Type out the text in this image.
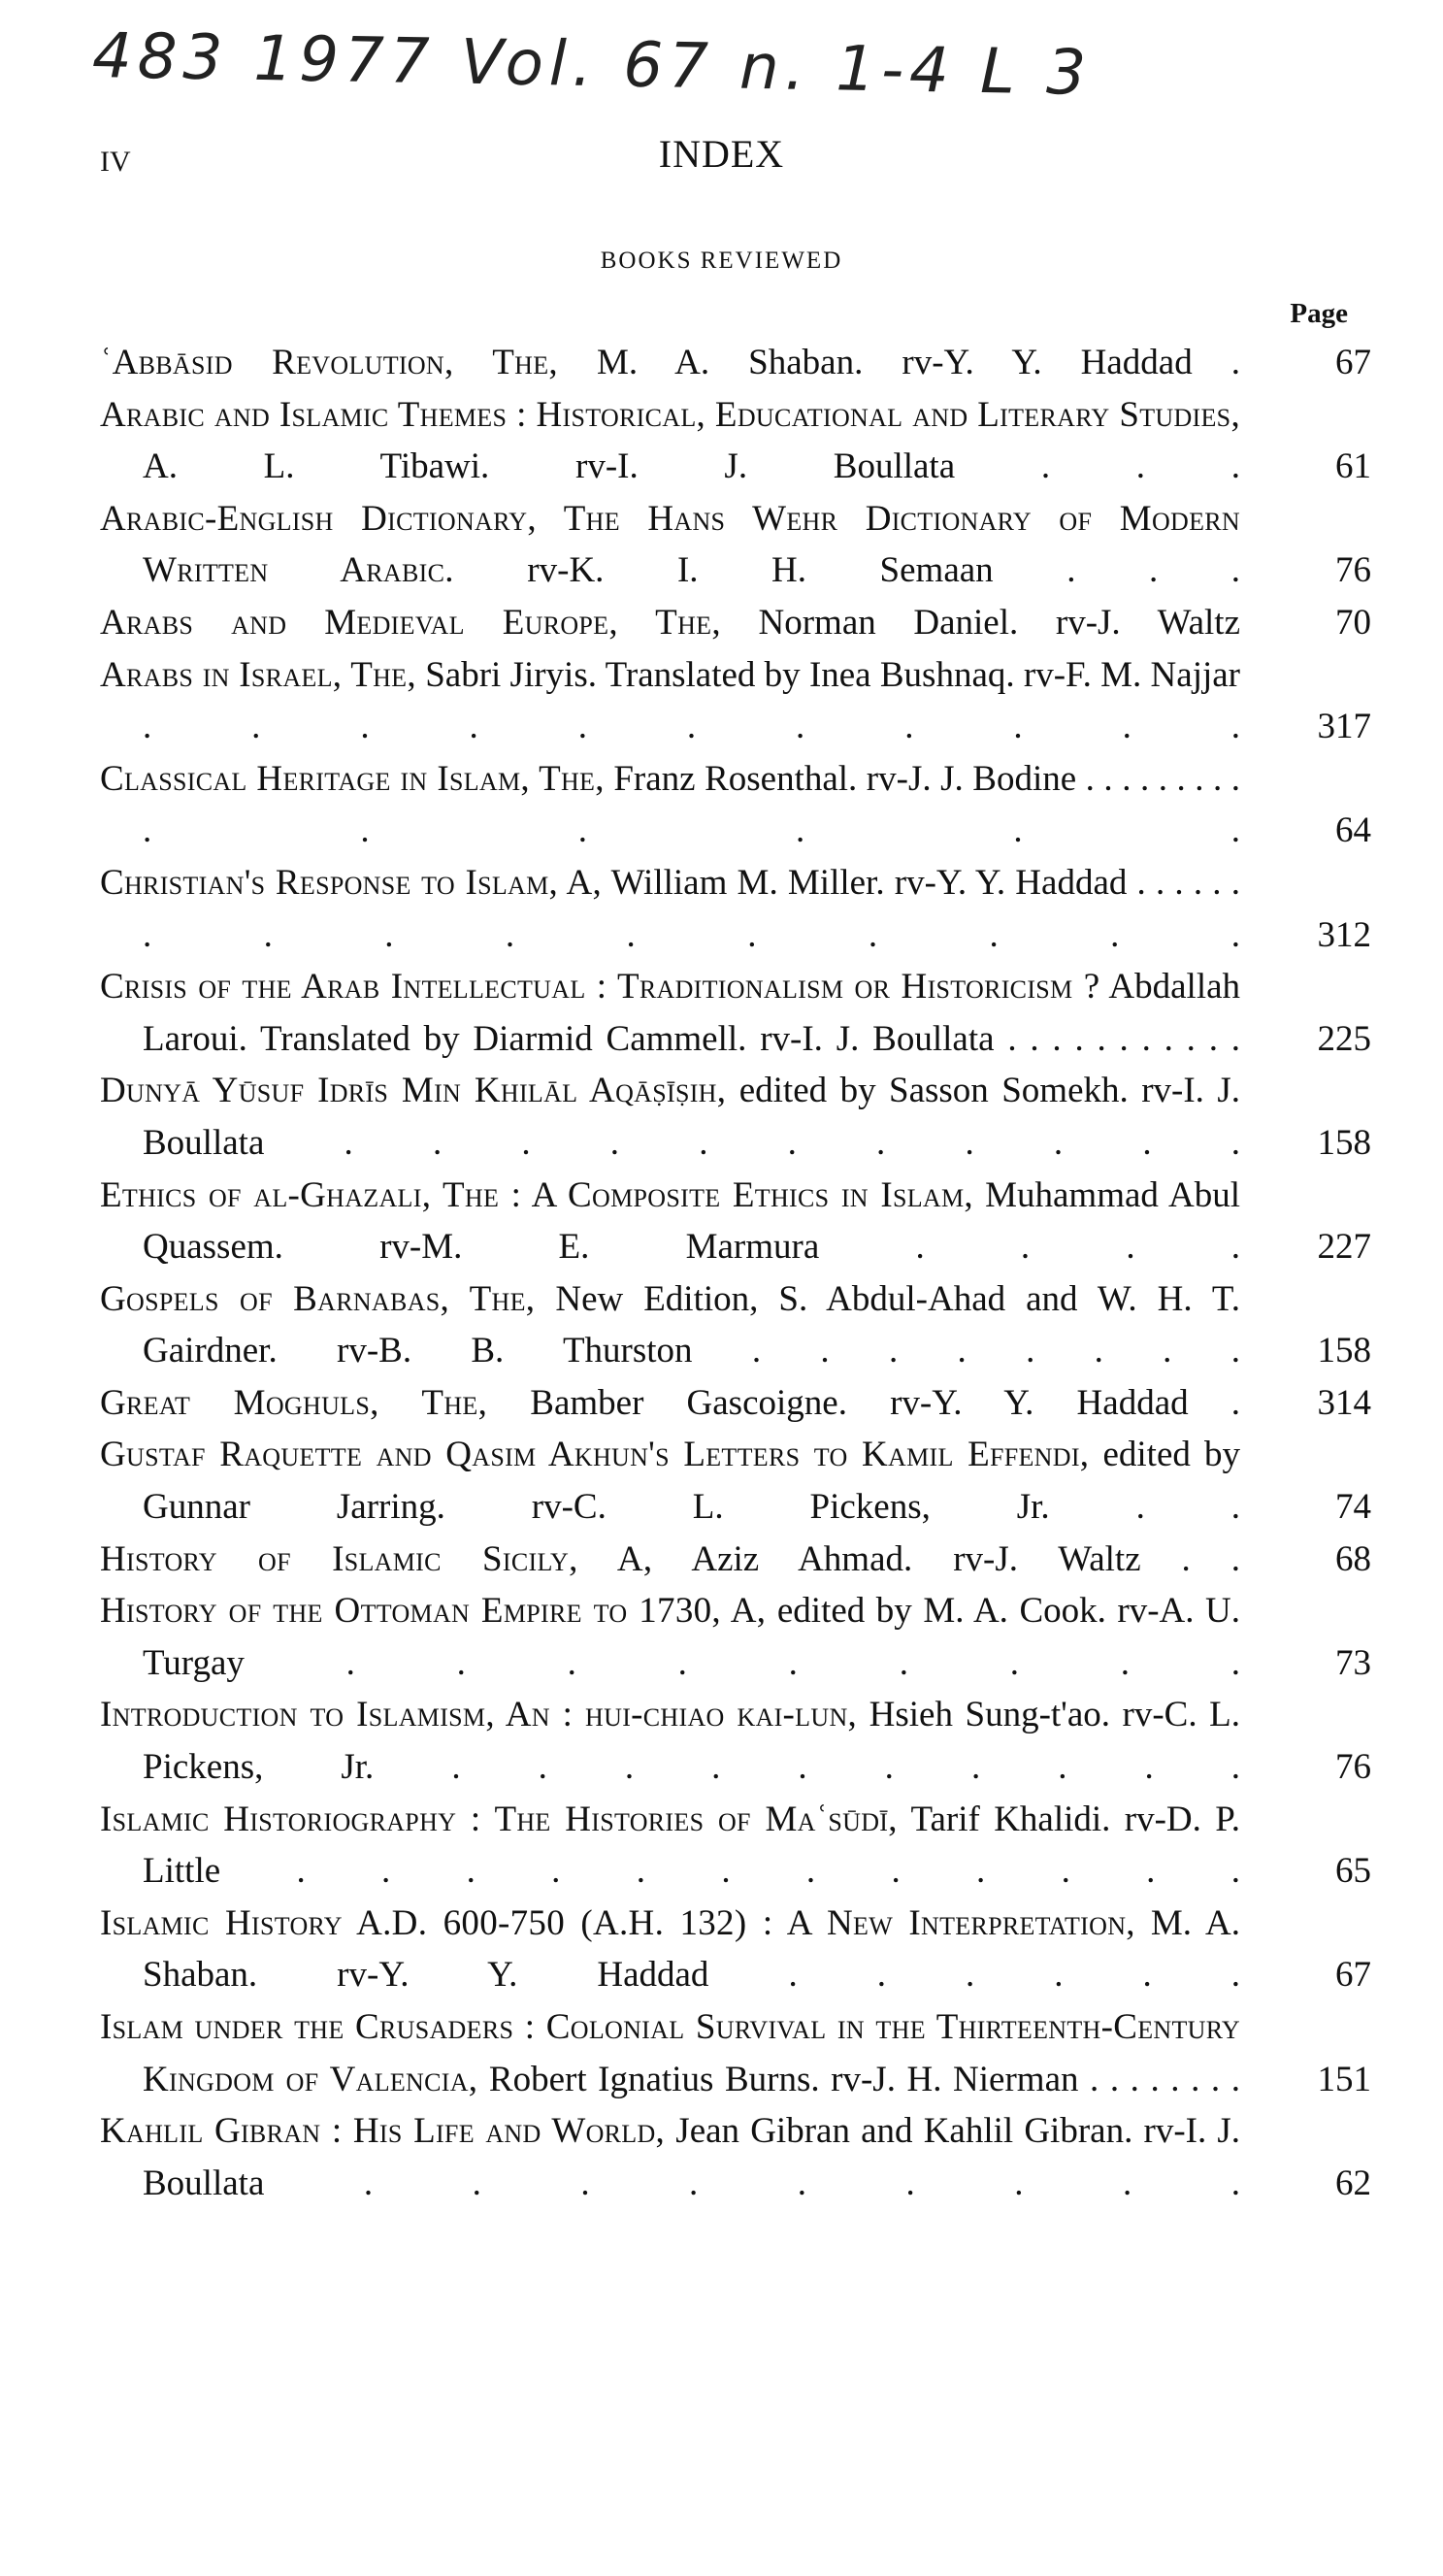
483 1977 Vol. 67 n. 1-4 L 3
IV	INDEX
BOOKS REVIEWED
Page
ʿAbbāsid Revolution, The, M. A. Shaban. rv-Y. Y. Haddad .	67
Arabic and Islamic Themes : Historical, Educational and Literary Studies, A. L. Tibawi. rv-I. J. Boullata . . .	61
Arabic-English Dictionary, The Hans Wehr Dictionary of Modern Written Arabic. rv-K. I. H. Semaan . . .	76
Arabs and Medieval Europe, The, Norman Daniel. rv-J. Waltz	70
Arabs in Israel, The, Sabri Jiryis. Translated by Inea Bushnaq. rv-F. M. Najjar . . . . . . . . . . .	317
Classical Heritage in Islam, The, Franz Rosenthal. rv-J. J. Bodine . . . . . . . . . . . . . . .	64
Christian's Response to Islam, A, William M. Miller. rv-Y. Y. Haddad . . . . . . . . . . . . . . . .	312
Crisis of the Arab Intellectual : Traditionalism or Historicism ? Abdallah Laroui. Translated by Diarmid Cammell. rv-I. J. Boullata . . . . . . . . . . .	225
Dunyā Yūsuf Idrīs Min Khilāl Aqāṣīṣih, edited by Sasson Somekh. rv-I. J. Boullata . . . . . . . . . . .	158
Ethics of al-Ghazali, The : A Composite Ethics in Islam, Muhammad Abul Quassem. rv-M. E. Marmura . . . .	227
Gospels of Barnabas, The, New Edition, S. Abdul-Ahad and W. H. T. Gairdner. rv-B. B. Thurston . . . . . . . .	158
Great Moghuls, The, Bamber Gascoigne. rv-Y. Y. Haddad .	314
Gustaf Raquette and Qasim Akhun's Letters to Kamil Effendi, edited by Gunnar Jarring. rv-C. L. Pickens, Jr. . .	74
History of Islamic Sicily, A, Aziz Ahmad. rv-J. Waltz . .	68
History of the Ottoman Empire to 1730, A, edited by M. A. Cook. rv-A. U. Turgay . . . . . . . . .	73
Introduction to Islamism, An : hui-chiao kai-lun, Hsieh Sung-t'ao. rv-C. L. Pickens, Jr. . . . . . . . . . .	76
Islamic Historiography : The Histories of Maʿsūdī, Tarif Khalidi. rv-D. P. Little . . . . . . . . . . . .	65
Islamic History A.D. 600-750 (A.H. 132) : A New Interpretation, M. A. Shaban. rv-Y. Y. Haddad . . . . . .	67
Islam under the Crusaders : Colonial Survival in the Thirteenth-Century Kingdom of Valencia, Robert Ignatius Burns. rv-J. H. Nierman . . . . . . . .	151
Kahlil Gibran : His Life and World, Jean Gibran and Kahlil Gibran. rv-I. J. Boullata . . . . . . . . .	62
